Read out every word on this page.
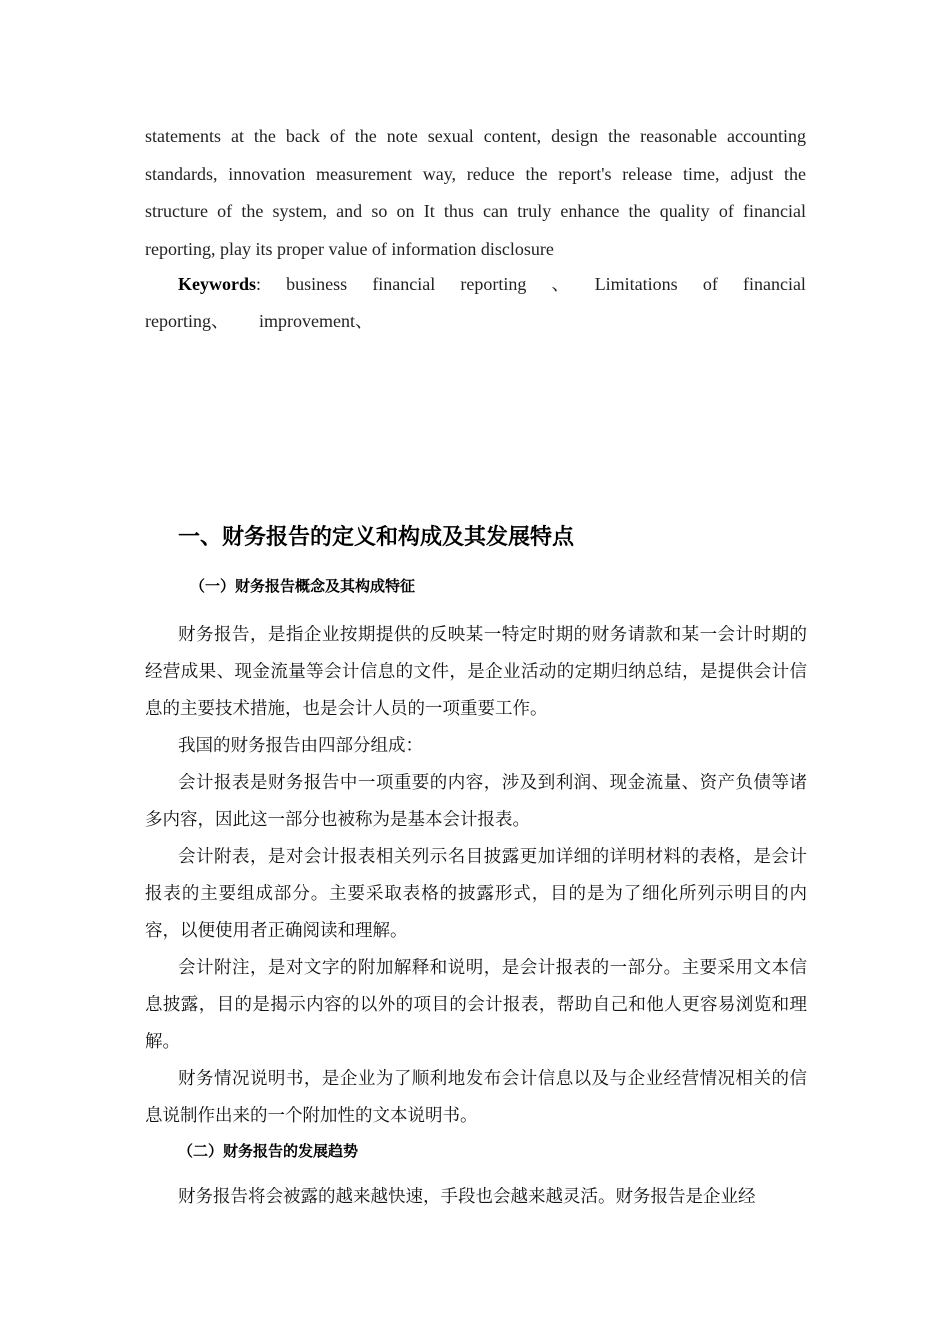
statements at the back of the note sexual content, design the reasonable accounting standards, innovation measurement way, reduce the report's release time, adjust the structure of the system, and so on It thus can truly enhance the quality of financial reporting, play its proper value of information disclosure
Keywords: business financial reporting 、 Limitations of financial
reporting、 improvement、
一、财务报告的定义和构成及其发展特点
（一）财务报告概念及其构成特征

财务报告，是指企业按期提供的反映某一特定时期的财务请款和某一会计时期的经营成果、现金流量等会计信息的文件，是企业活动的定期归纳总结，是提供会计信息的主要技术措施，也是会计人员的一项重要工作。

我国的财务报告由四部分组成：

会计报表是财务报告中一项重要的内容，涉及到利润、现金流量、资产负债等诸多内容，因此这一部分也被称为是基本会计报表。

会计附表，是对会计报表相关列示名目披露更加详细的详明材料的表格，是会计报表的主要组成部分。主要采取表格的披露形式，目的是为了细化所列示明目的内容，以便使用者正确阅读和理解。

会计附注，是对文字的附加解释和说明，是会计报表的一部分。主要采用文本信息披露，目的是揭示内容的以外的项目的会计报表，帮助自己和他人更容易浏览和理解。

财务情况说明书，是企业为了顺利地发布会计信息以及与企业经营情况相关的信息说制作出来的一个附加性的文本说明书。

（二）财务报告的发展趋势

财务报告将会被露的越来越快速，手段也会越来越灵活。财务报告是企业经
